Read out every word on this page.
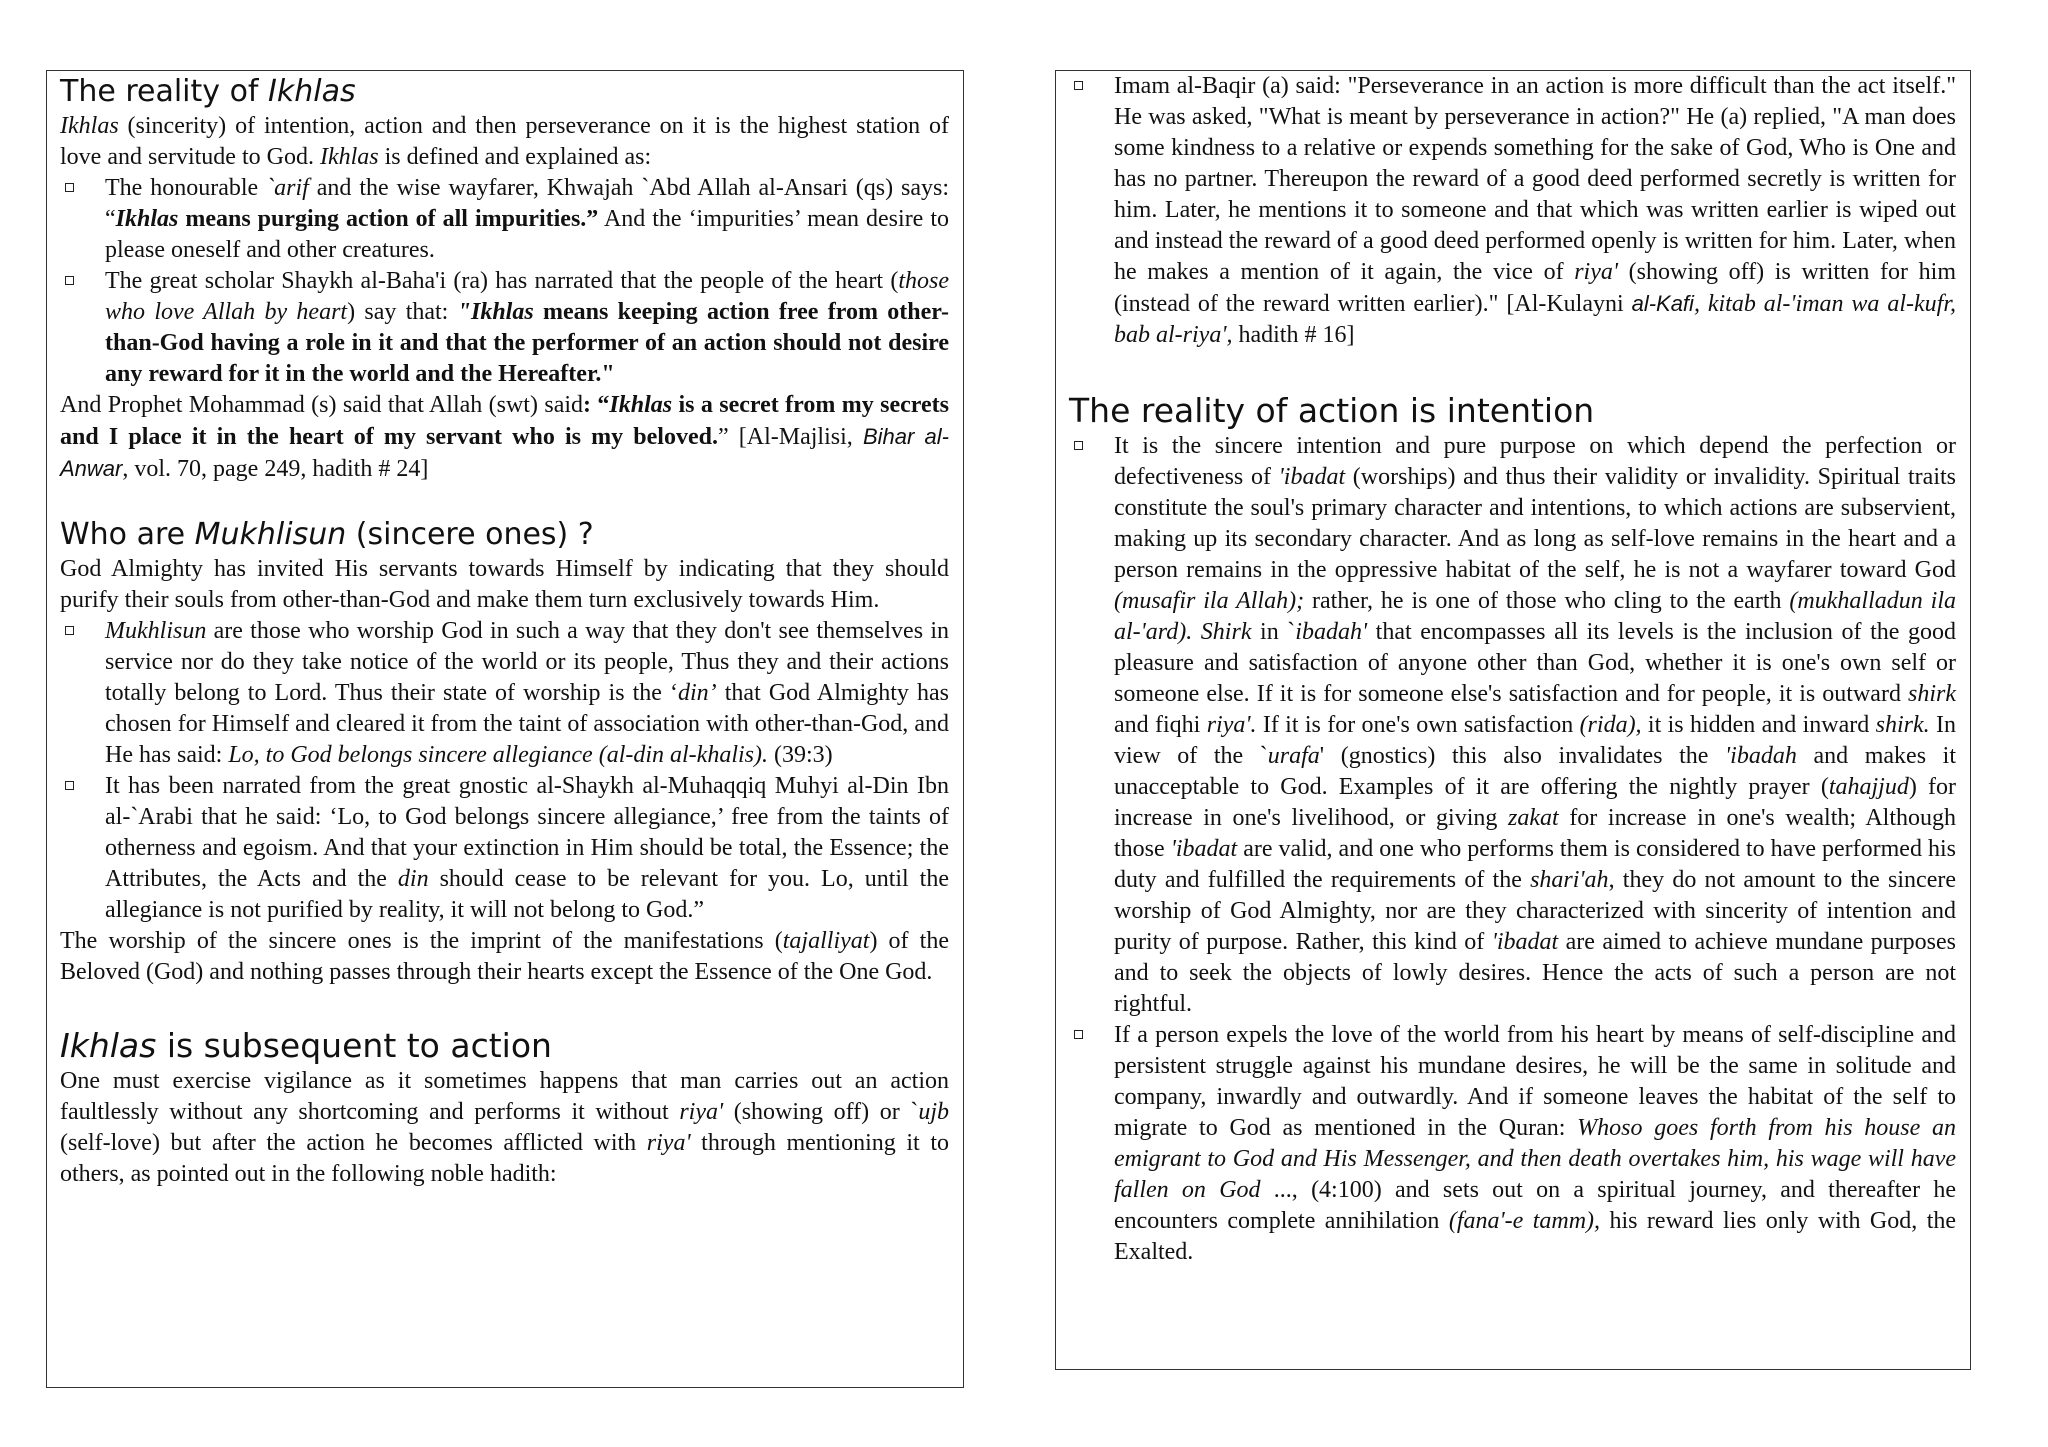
The reality of Ikhlas

Ikhlas (sincerity) of intention, action and then perseverance on it is the highest station of love and servitude to God. Ikhlas is defined and explained as:

The honourable `arif and the wise wayfarer, Khwajah `Abd Allah al-Ansari (qs) says: “Ikhlas means purging action of all impurities.” And the ‘impurities’ mean desire to please oneself and other creatures.
The great scholar Shaykh al-Baha'i (ra) has narrated that the people of the heart (those who love Allah by heart) say that: "Ikhlas means keeping action free from other-than-God having a role in it and that the performer of an action should not desire any reward for it in the world and the Hereafter."

And Prophet Mohammad (s) said that Allah (swt) said: “Ikhlas is a secret from my secrets and I place it in the heart of my servant who is my beloved.” [Al-Majlisi, Bihar al-Anwar, vol. 70, page 249, hadith # 24]

Who are Mukhlisun (sincere ones) ?

God Almighty has invited His servants towards Himself by indicating that they should purify their souls from other-than-God and make them turn exclusively towards Him.

Mukhlisun are those who worship God in such a way that they don't see themselves in service nor do they take notice of the world or its people, Thus they and their actions totally belong to Lord. Thus their state of worship is the ‘din’ that God Almighty has chosen for Himself and cleared it from the taint of association with other-than-God, and He has said: Lo, to God belongs sincere allegiance (al-din al-khalis). (39:3)
It has been narrated from the great gnostic al-Shaykh al-Muhaqqiq Muhyi al-Din Ibn al-`Arabi that he said: ‘Lo, to God belongs sincere allegiance,’ free from the taints of otherness and egoism. And that your extinction in Him should be total, the Essence; the Attributes, the Acts and the din should cease to be relevant for you. Lo, until the allegiance is not purified by reality, it will not belong to God.”

The worship of the sincere ones is the imprint of the manifestations (tajalliyat) of the Beloved (God) and nothing passes through their hearts except the Essence of the One God.

Ikhlas is subsequent to action

One must exercise vigilance as it sometimes happens that man carries out an action faultlessly without any shortcoming and performs it without riya' (showing off) or `ujb (self-love) but after the action he becomes afflicted with riya' through mentioning it to others, as pointed out in the following noble hadith:

Imam al-Baqir (a) said: "Perseverance in an action is more difficult than the act itself." He was asked, "What is meant by perseverance in action?" He (a) replied, "A man does some kindness to a relative or expends something for the sake of God, Who is One and has no partner. Thereupon the reward of a good deed performed secretly is written for him. Later, he mentions it to someone and that which was written earlier is wiped out and instead the reward of a good deed performed openly is written for him. Later, when he makes a mention of it again, the vice of riya' (showing off) is written for him (instead of the reward written earlier)." [Al-Kulayni al-Kafi, kitab al-'iman wa al-kufr, bab al-riya', hadith # 16]
The reality of action is intention
It is the sincere intention and pure purpose on which depend the perfection or defectiveness of 'ibadat (worships) and thus their validity or invalidity. Spiritual traits constitute the soul's primary character and intentions, to which actions are subservient, making up its secondary character. And as long as self-love remains in the heart and a person remains in the oppressive habitat of the self, he is not a wayfarer toward God (musafir ila Allah); rather, he is one of those who cling to the earth (mukhalladun ila al-'ard). Shirk in `ibadah' that encompasses all its levels is the inclusion of the good pleasure and satisfaction of anyone other than God, whether it is one's own self or someone else. If it is for someone else's satisfaction and for people, it is outward shirk and fiqhi riya'. If it is for one's own satisfaction (rida), it is hidden and inward shirk. In view of the `urafa' (gnostics) this also invalidates the 'ibadah and makes it unacceptable to God. Examples of it are offering the nightly prayer (tahajjud) for increase in one's livelihood, or giving zakat for increase in one's wealth; Although those 'ibadat are valid, and one who performs them is considered to have performed his duty and fulfilled the requirements of the shari'ah, they do not amount to the sincere worship of God Almighty, nor are they characterized with sincerity of intention and purity of purpose. Rather, this kind of 'ibadat are aimed to achieve mundane purposes and to seek the objects of lowly desires. Hence the acts of such a person are not rightful.
If a person expels the love of the world from his heart by means of self-discipline and persistent struggle against his mundane desires, he will be the same in solitude and company, inwardly and outwardly. And if someone leaves the habitat of the self to migrate to God as mentioned in the Quran: Whoso goes forth from his house an emigrant to God and His Messenger, and then death overtakes him, his wage will have fallen on God ..., (4:100) and sets out on a spiritual journey, and thereafter he encounters complete annihilation (fana'-e tamm), his reward lies only with God, the Exalted.
